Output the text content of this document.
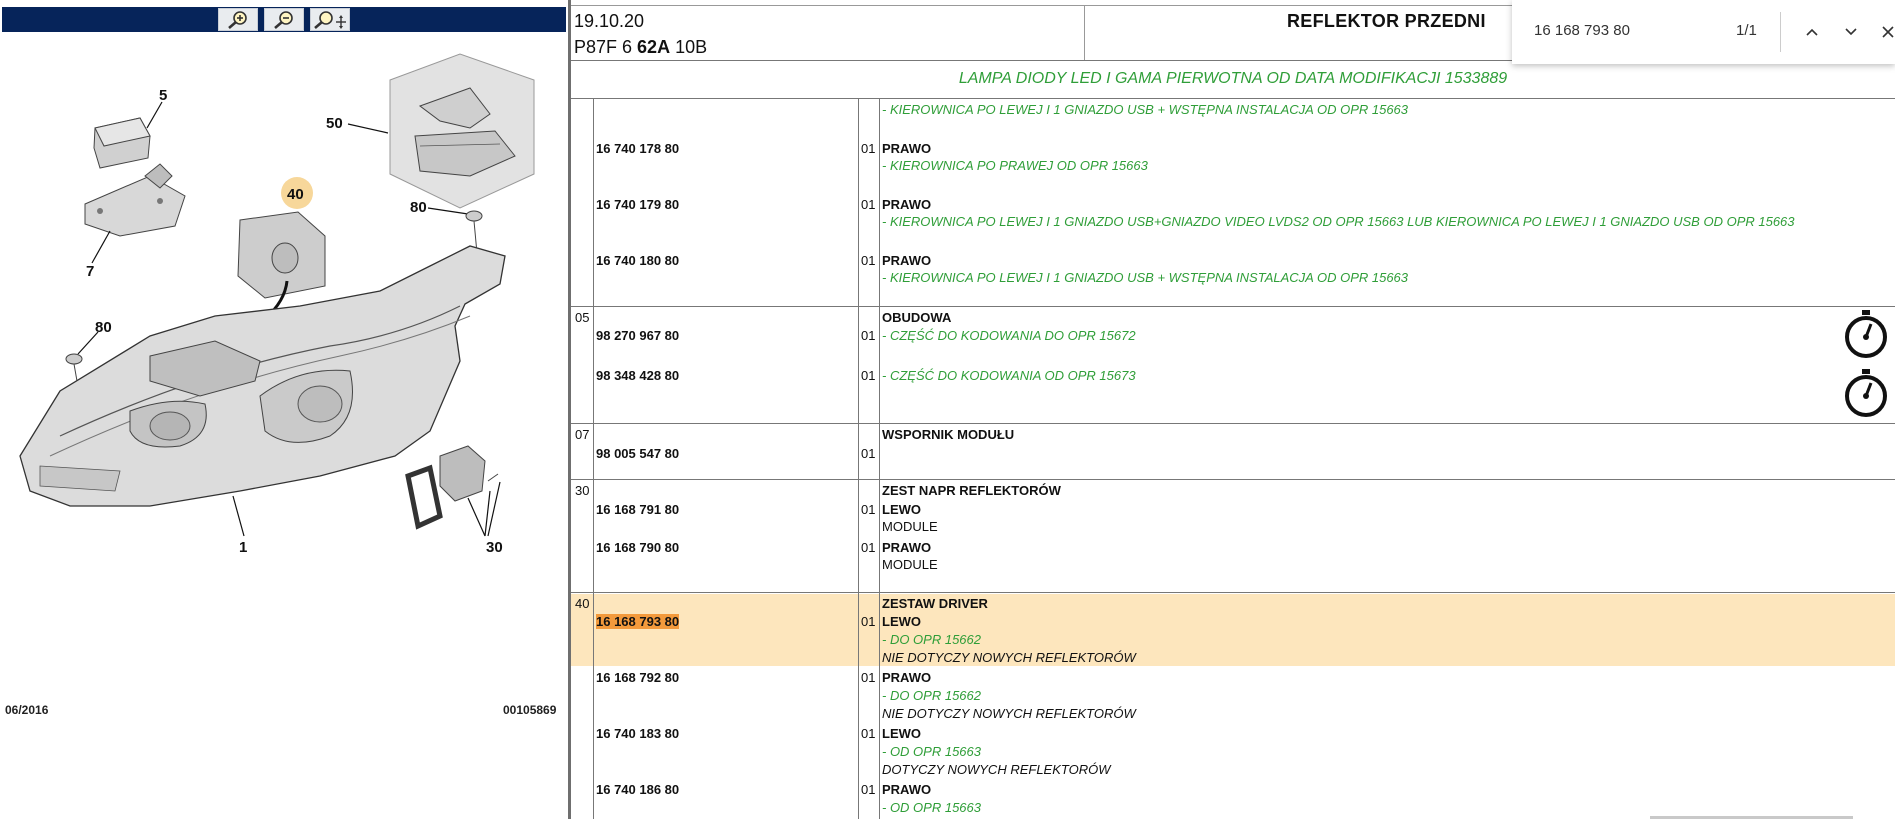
50
5
7
40
80
80
1	30
06/2016	00105869
19.10.20
P87F 6 62A 10B
REFLEKTOR PRZEDNI
LAMPA DIODY LED I GAMA PIERWOTNA OD DATA MODIFIKACJI 1533889
- KIEROWNICA PO LEWEJ I 1 GNIAZDO USB + WSTĘPNA INSTALACJA OD OPR 15663
16 740 178 80	01 PRAWO
- KIEROWNICA PO PRAWEJ OD OPR 15663
16 740 179 80	01 PRAWO
- KIEROWNICA PO LEWEJ I 1 GNIAZDO USB+GNIAZDO VIDEO LVDS2 OD OPR 15663 LUB KIEROWNICA PO LEWEJ I 1 GNIAZDO USB OD OPR 15663
16 740 180 80	01 PRAWO
- KIEROWNICA PO LEWEJ I 1 GNIAZDO USB + WSTĘPNA INSTALACJA OD OPR 15663
05	OBUDOWA
98 270 967 80	01 - CZĘŚĆ DO KODOWANIA DO OPR 15672
98 348 428 80	01 - CZĘŚĆ DO KODOWANIA OD OPR 15673
07	WSPORNIK MODUŁU
98 005 547 80	01
30	ZEST NAPR REFLEKTORÓW
16 168 791 80	01 LEWO
MODULE
16 168 790 80	01 PRAWO
MODULE
40	ZESTAW DRIVER
16 168 793 80	01 LEWO
- DO OPR 15662
NIE DOTYCZY NOWYCH REFLEKTORÓW
16 168 792 80	01 PRAWO
- DO OPR 15662
NIE DOTYCZY NOWYCH REFLEKTORÓW
16 740 183 80	01 LEWO
- OD OPR 15663
DOTYCZY NOWYCH REFLEKTORÓW
16 740 186 80	01 PRAWO
- OD OPR 15663
16 168 793 80
1/1
